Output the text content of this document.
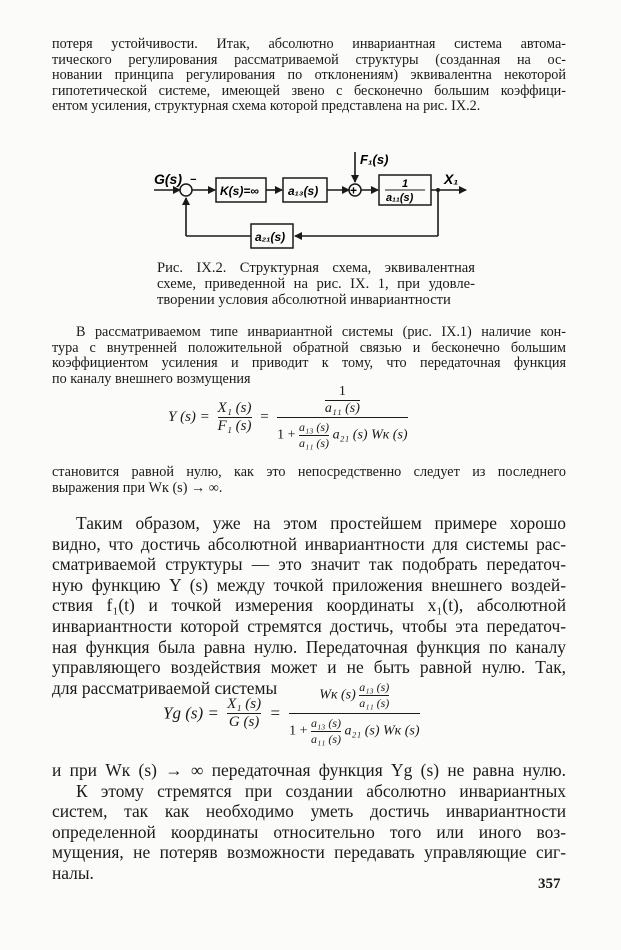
потеря устойчивости. Итак, абсолютно инвариантная система автома-
тического регулирования рассматриваемой структуры (созданная на ос-
новании принципа регулирования по отклонениям) эквивалентна некоторой
гипотетической системе, имеющей звено с бесконечно большим коэффици-
ентом усиления, структурная схема которой представлена на рис. IX.2.
G(s) −
K(s)=∞ a₁₃(s)
F₁(s)
+	1
a₁₁(s)
X₁
a₂₁(s)
Рис. IX.2. Структурная схема, эквивалентная
схеме, приведенной на рис. IX. 1, при удовле-
творении условия абсолютной инвариантности
В рассматриваемом типе инвариантной системы (рис. IX.1) наличие кон-
тура с внутренней положительной обратной связью и бесконечно большим
коэффициентом усиления и приводит к тому, что передаточная функция
по каналу внешнего возмущения
Y $(s) = \frac{\text{X₁ (s)}}{\text{F₁ (s)}}$ =	$\frac{1}{\text{a₁₁ (s)}}$
$1 + \frac{\text{a₁₃ (s)}}{\text{a₁₁ (s)}} a_{21}$ (s) Wк (s)
становится равной нулю, как это непосредственно следует из последнего
выражения при Wк (s) → ∞.
Таким образом, уже на этом простейшем примере хорошо
видно, что достичь абсолютной инвариантности для системы рас-
сматриваемой структуры — это значит так подобрать передаточ-
ную функцию Y (s) между точкой приложения внешнего воздей-
ствия f₁(t) и точкой измерения координаты x₁(t), абсолютной
инвариантности которой стремятся достичь, чтобы эта передаточ-
ная функция была равна нулю. Передаточная функция по каналу
управляющего воздействия может и не быть равной нулю. Так,
для рассматриваемой системы
Yg $(s) = \frac{\text{X₁ (s)}}{G (s)}$ =
Wк $(s) \frac{\text{a₁₃ (s)}}{\text{a₁₁ (s)}}$
$1 + \frac{\text{a₁₃ (s)}}{\text{a₁₁ (s)}} a_{21}$ (s) Wк (s)
и при Wк (s) → ∞ передаточная функция Yg (s) не равна нулю.
К этому стремятся при создании абсолютно инвариантных
систем, так как необходимо уметь достичь инвариантности
определенной координаты относительно того или иного воз-
мущения, не потеряв возможности передавать управляющие сиг-
налы.
357
